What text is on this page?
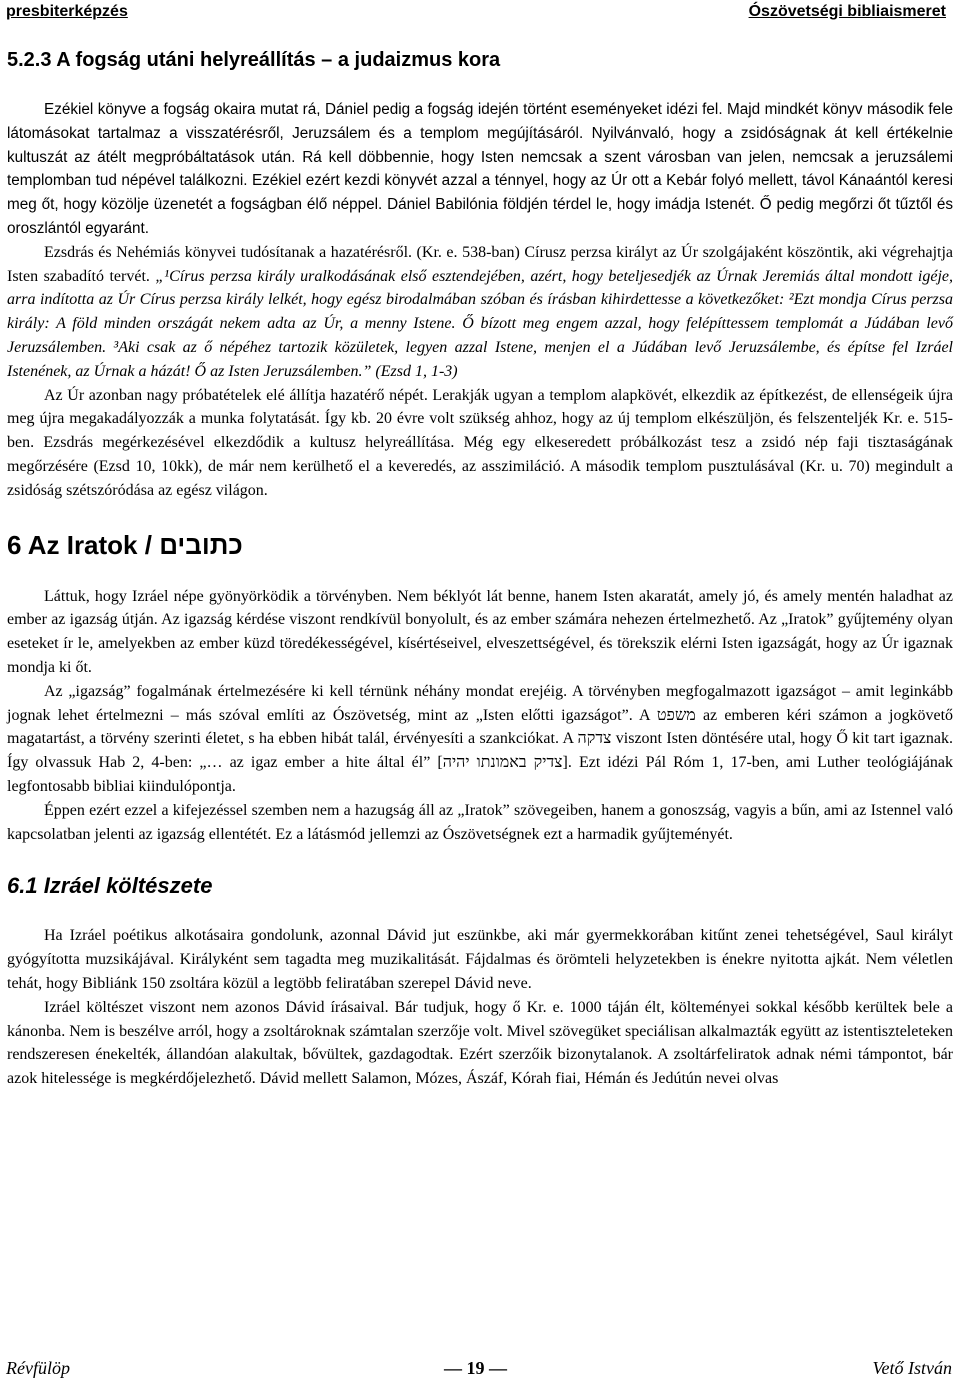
presbiterképzés	Ószövetségi bibliaismeret
5.2.3 A fogság utáni helyreállítás – a judaizmus kora

Ezékiel könyve a fogság okaira mutat rá, Dániel pedig a fogság idején történt eseményeket idézi fel. Majd mindkét könyv második fele látomásokat tartalmaz a visszatérésről, Jeruzsálem és a templom megújításáról. Nyilvánvaló, hogy a zsidóságnak át kell értékelnie kultuszát az átélt megpróbáltatások után. Rá kell döbbennie, hogy Isten nemcsak a szent városban van jelen, nemcsak a jeruzsálemi templomban tud népével találkozni. Ezékiel ezért kezdi könyvét azzal a ténnyel, hogy az Úr ott a Kebár folyó mellett, távol Kánaántól keresi meg őt, hogy közölje üzenetét a fogságban élő néppel. Dániel Babilónia földjén térdel le, hogy imádja Istenét. Ő pedig megőrzi őt tűztől és oroszlántól egyaránt.

Ezsdrás és Nehémiás könyvei tudósítanak a hazatérésről. (Kr. e. 538-ban) Círusz perzsa királyt az Úr szolgájaként köszöntik, aki végrehajtja Isten szabadító tervét. „¹Círus perzsa király uralkodásának első esztendejében, azért, hogy beteljesedjék az Úrnak Jeremiás által mondott igéje, arra indította az Úr Círus perzsa király lelkét, hogy egész birodalmában szóban és írásban kihirdettesse a következőket: ²Ezt mondja Círus perzsa király: A föld minden országát nekem adta az Úr, a menny Istene. Ő bízott meg engem azzal, hogy felépíttessem templomát a Júdában levő Jeruzsálemben. ³Aki csak az ő népéhez tartozik közületek, legyen azzal Istene, menjen el a Júdában levő Jeruzsálembe, és építse fel Izráel Istenének, az Úrnak a házát! Ő az Isten Jeruzsálemben.” (Ezsd 1, 1-3)

Az Úr azonban nagy próbatételek elé állítja hazatérő népét. Lerakják ugyan a templom alapkövét, elkezdik az építkezést, de ellenségeik újra meg újra megakadályozzák a munka folytatását. Így kb. 20 évre volt szükség ahhoz, hogy az új templom elkészüljön, és felszenteljék Kr. e. 515-ben. Ezsdrás megérkezésével elkezdődik a kultusz helyreállítása. Még egy elkeseredett próbálkozást tesz a zsidó nép faji tisztaságának megőrzésére (Ezsd 10, 10kk), de már nem kerülhető el a keveredés, az asszimiláció. A második templom pusztulásával (Kr. u. 70) megindult a zsidóság szétszóródása az egész világon.

6 Az Iratok / כתובים

Láttuk, hogy Izráel népe gyönyörködik a törvényben. Nem béklyót lát benne, hanem Isten akaratát, amely jó, és amely mentén haladhat az ember az igazság útján. Az igazság kérdése viszont rendkívül bonyolult, és az ember számára nehezen értelmezhető. Az „Iratok” gyűjtemény olyan eseteket ír le, amelyekben az ember küzd töredékességével, kísértéseivel, elveszettségével, és törekszik elérni Isten igazságát, hogy az Úr igaznak mondja ki őt.

Az „igazság” fogalmának értelmezésére ki kell térnünk néhány mondat erejéig. A törvényben megfogalmazott igazságot – amit leginkább jognak lehet értelmezni – más szóval említi az Ószövetség, mint az „Isten előtti igazságot”. A משפט az emberen kéri számon a jogkövető magatartást, a törvény szerinti életet, s ha ebben hibát talál, érvényesíti a szankciókat. A צדקה viszont Isten döntésére utal, hogy Ő kit tart igaznak. Így olvassuk Hab 2, 4-ben: „… az igaz ember a hite által él” [צדיק באמונתו יהיה]. Ezt idézi Pál Róm 1, 17-ben, ami Luther teológiájának legfontosabb bibliai kiindulópontja.

Éppen ezért ezzel a kifejezéssel szemben nem a hazugság áll az „Iratok” szövegeiben, hanem a gonoszság, vagyis a bűn, ami az Istennel való kapcsolatban jelenti az igazság ellentétét. Ez a látásmód jellemzi az Ószövetségnek ezt a harmadik gyűjteményét.

6.1 Izráel költészete

Ha Izráel poétikus alkotásaira gondolunk, azonnal Dávid jut eszünkbe, aki már gyermekkorában kitűnt zenei tehetségével, Saul királyt gyógyította muzsikájával. Királyként sem tagadta meg muzikalitását. Fájdalmas és örömteli helyzetekben is énekre nyitotta ajkát. Nem véletlen tehát, hogy Bibliánk 150 zsoltára közül a legtöbb feliratában szerepel Dávid neve.

Izráel költészet viszont nem azonos Dávid írásaival. Bár tudjuk, hogy ő Kr. e. 1000 táján élt, költeményei sokkal később kerültek bele a kánonba. Nem is beszélve arról, hogy a zsoltároknak számtalan szerzője volt. Mivel szövegüket speciálisan alkalmazták együtt az istentiszteleteken rendszeresen énekelték, állandóan alakultak, bővültek, gazdagodtak. Ezért szerzőik bizonytalanok. A zsoltárfeliratok adnak némi támpontot, bár azok hitelessége is megkérdőjelezhető. Dávid mellett Salamon, Mózes, Ászáf, Kórah fiai, Hémán és Jedútún nevei olvas

Révfülöp	— 19 —	Vető István
